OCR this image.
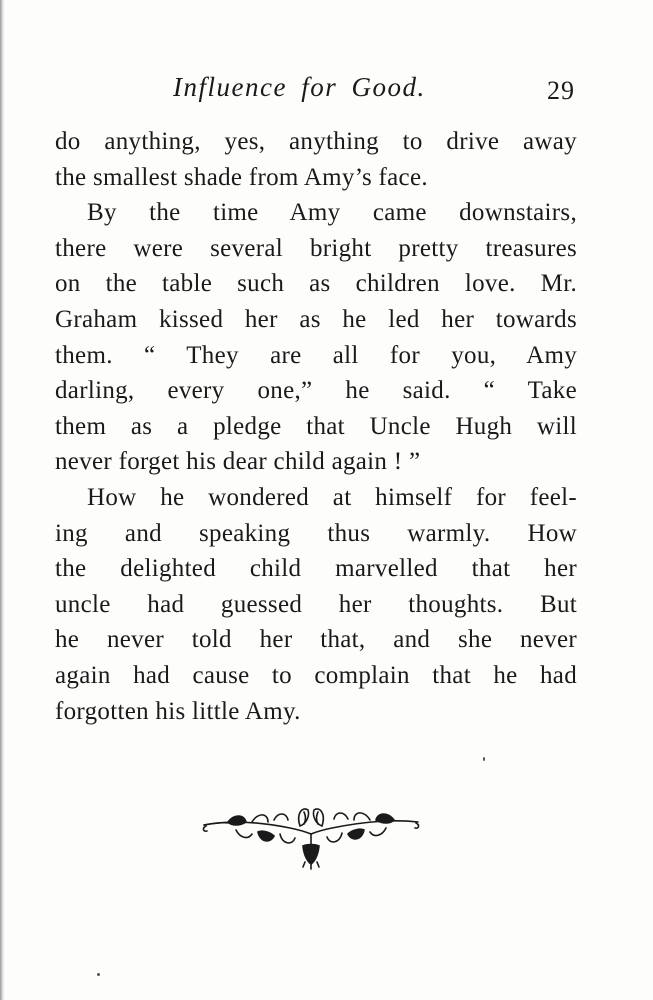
Influence for Good.	29
do anything, yes, anything to drive away
the smallest shade from Amy’s face.
By the time Amy came downstairs,
there were several bright pretty treasures
on the table such as children love. Mr.
Graham kissed her as he led her towards
them. “ They are all for you, Amy
darling, every one,” he said. “ Take
them as a pledge that Uncle Hugh will
never forget his dear child again ! ”
How he wondered at himself for feel-
ing and speaking thus warmly. How
the delighted child marvelled that her
uncle had guessed her thoughts. But
he never told her that, and she never
again had cause to complain that he had
forgotten his little Amy.
